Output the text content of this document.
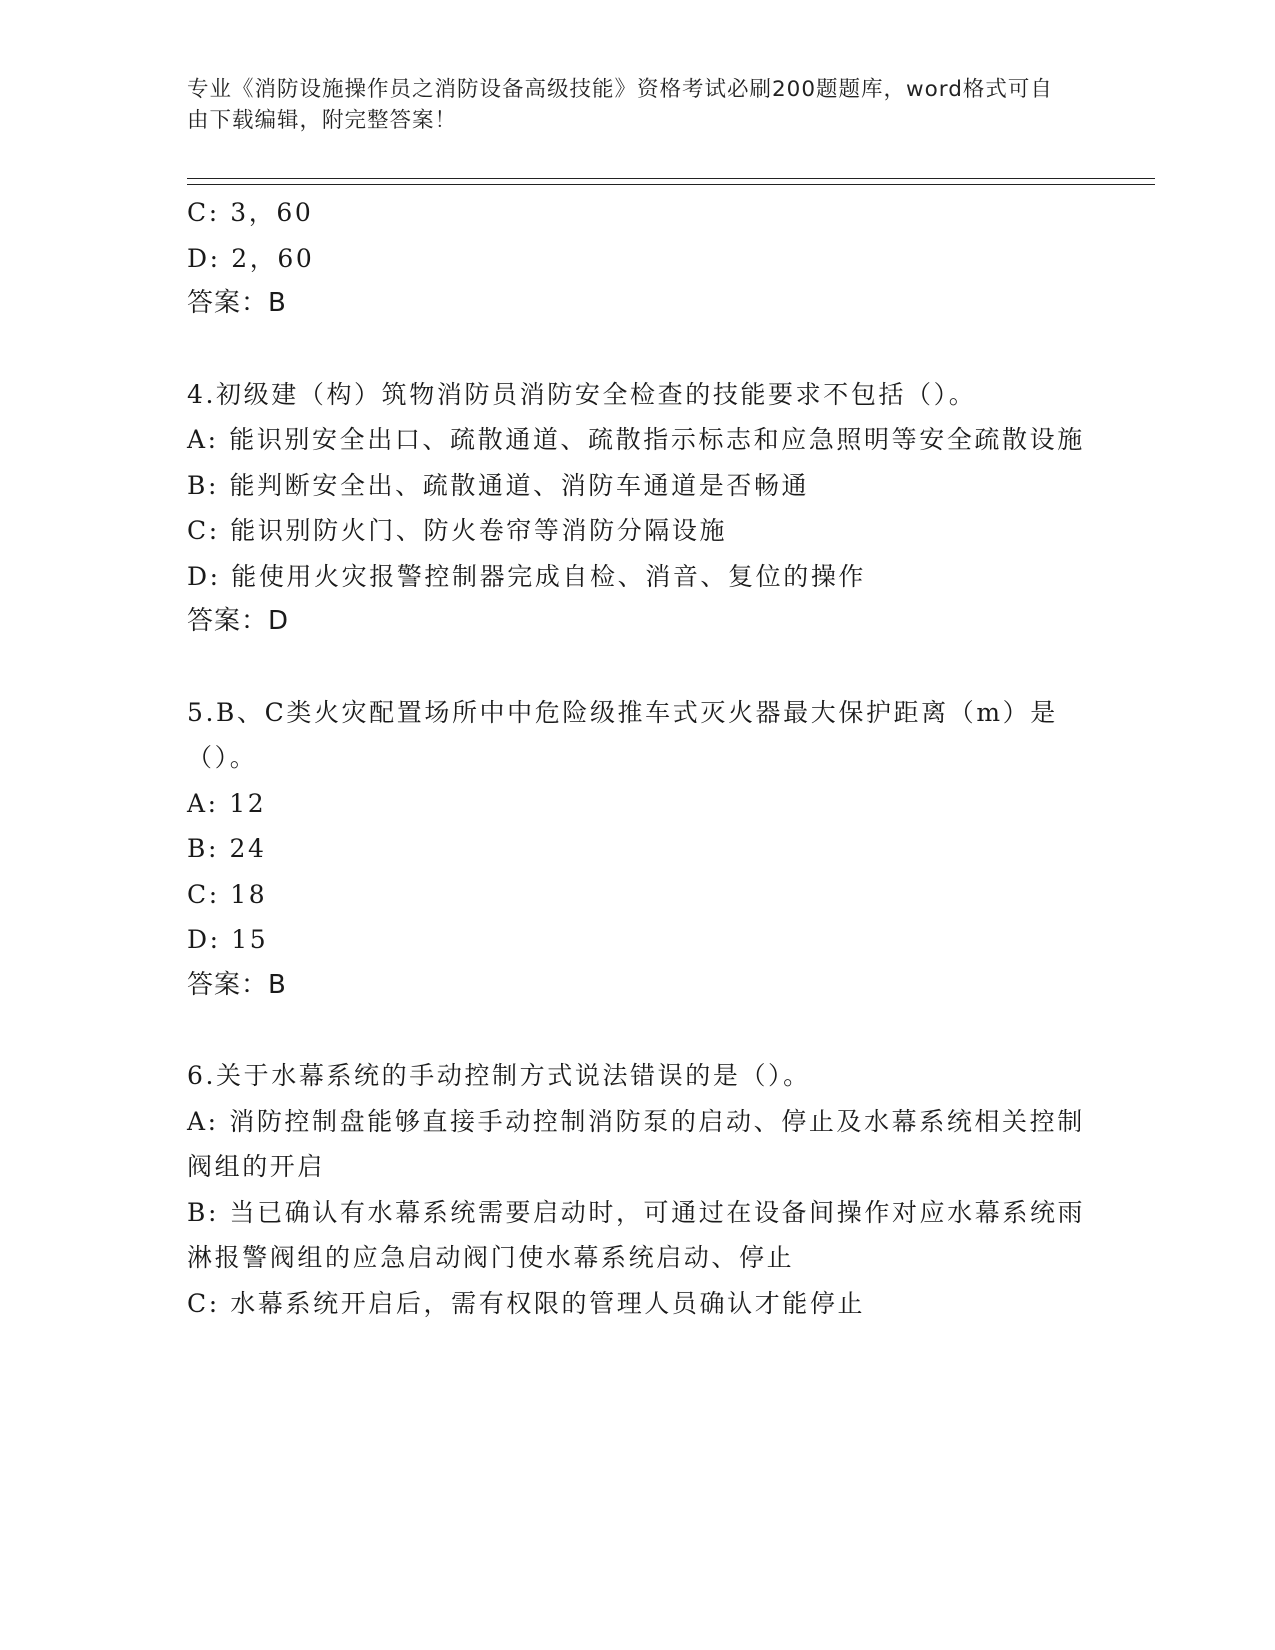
专业《消防设施操作员之消防设备高级技能》资格考试必刷200题题库，word格式可自由下载编辑，附完整答案！
C: 3，60
D: 2，60
答案：B
4.初级建（构）筑物消防员消防安全检查的技能要求不包括（）。
A: 能识别安全出口、疏散通道、疏散指示标志和应急照明等安全疏散设施
B: 能判断安全出、疏散通道、消防车通道是否畅通
C: 能识别防火门、防火卷帘等消防分隔设施
D: 能使用火灾报警控制器完成自检、消音、复位的操作
答案：D
5.B、C类火灾配置场所中中危险级推车式灭火器最大保护距离（m）是（）。
A: 12
B: 24
C: 18
D: 15
答案：B
6.关于水幕系统的手动控制方式说法错误的是（）。
A: 消防控制盘能够直接手动控制消防泵的启动、停止及水幕系统相关控制阀组的开启
B: 当已确认有水幕系统需要启动时，可通过在设备间操作对应水幕系统雨淋报警阀组的应急启动阀门使水幕系统启动、停止
C: 水幕系统开启后，需有权限的管理人员确认才能停止
